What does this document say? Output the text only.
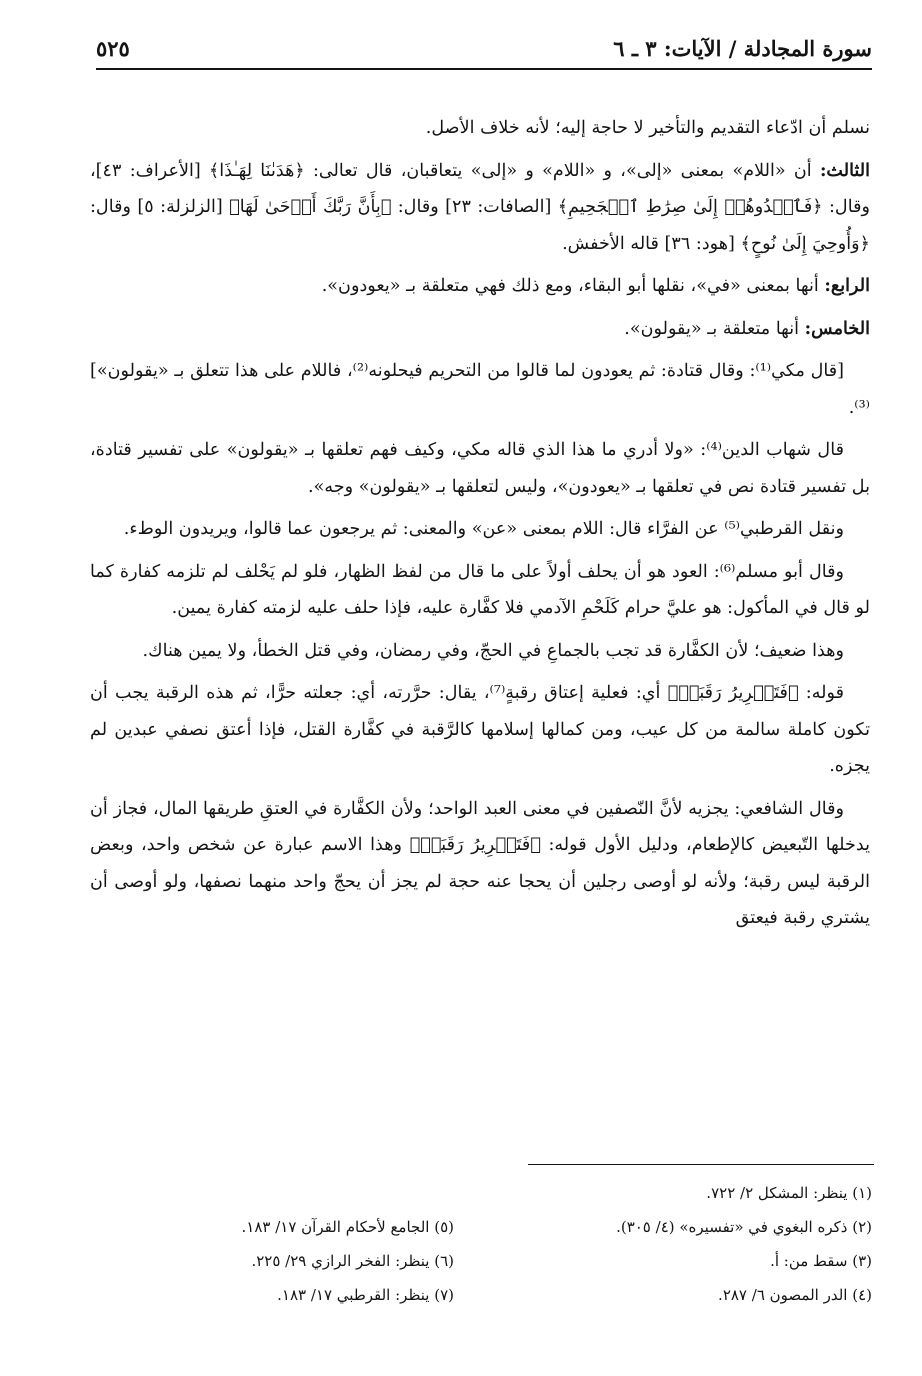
سورة المجادلة / الآيات: ٣ ـ ٦
٥٢٥

نسلم أن ادّعاء التقديم والتأخير لا حاجة إليه؛ لأنه خلاف الأصل.

الثالث: أن «اللام» بمعنى «إلى»، و «اللام» و «إلى» يتعاقبان، قال تعالى: ﴿هَدَىٰنَا لِهَـٰذَا﴾ [الأعراف: ٤٣]، وقال: ﴿فَٱهۡدُوهُمۡ إِلَىٰ صِرَٰطِ ٱلۡجَحِيمِ﴾ [الصافات: ٢٣] وقال: ﴿بِأَنَّ رَبَّكَ أَوۡحَىٰ لَهَا﴾ [الزلزلة: ٥] وقال: ﴿وَأُوحِيَ إِلَىٰ نُوحٍ﴾ [هود: ٣٦] قاله الأخفش.

الرابع: أنها بمعنى «في»، نقلها أبو البقاء، ومع ذلك فهي متعلقة بـ «يعودون».

الخامس: أنها متعلقة بـ «يقولون».

[قال مكي⁽¹⁾: وقال قتادة: ثم يعودون لما قالوا من التحريم فيحلونه⁽²⁾، فاللام على هذا تتعلق بـ «يقولون»]⁽³⁾.

قال شهاب الدين⁽⁴⁾: «ولا أدري ما هذا الذي قاله مكي، وكيف فهم تعلقها بـ «يقولون» على تفسير قتادة، بل تفسير قتادة نص في تعلقها بـ «يعودون»، وليس لتعلقها بـ «يقولون» وجه».

ونقل القرطبي⁽⁵⁾ عن الفرَّاء قال: اللام بمعنى «عن» والمعنى: ثم يرجعون عما قالوا، ويريدون الوطء.

وقال أبو مسلم⁽⁶⁾: العود هو أن يحلف أولاً على ما قال من لفظ الظهار، فلو لم يَحْلف لم تلزمه كفارة كما لو قال في المأكول: هو عليَّ حرام كَلَحْمِ الآدمي فلا كفَّارة عليه، فإذا حلف عليه لزمته كفارة يمين.

وهذا ضعيف؛ لأن الكفَّارة قد تجب بالجماعِ في الحجّ، وفي رمضان، وفي قتل الخطأ، ولا يمين هناك.

قوله: ﴿فَتَحۡرِيرُ رَقَبَةٖ﴾ أي: فعلية إعتاق رقبةٍ⁽⁷⁾، يقال: حرَّرته، أي: جعلته حرًّا، ثم هذه الرقبة يجب أن تكون كاملة سالمة من كل عيب، ومن كمالها إسلامها كالرَّقبة في كفَّارة القتل، فإذا أعتق نصفي عبدين لم يجزه.

وقال الشافعي: يجزيه لأنَّ النّصفين في معنى العبد الواحد؛ ولأن الكفَّارة في العتقِ طريقها المال، فجاز أن يدخلها التّبعيض كالإطعام، ودليل الأول قوله: ﴿فَتَحۡرِيرُ رَقَبَةٖ﴾ وهذا الاسم عبارة عن شخص واحد، وبعض الرقبة ليس رقبة؛ ولأنه لو أوصى رجلين أن يحجا عنه حجة لم يجز أن يحجّ واحد منهما نصفها، ولو أوصى أن يشتري رقبة فيعتق

(١) ينظر: المشكل ٢/ ٧٢٢.
(٢) ذكره البغوي في «تفسيره» (٤/ ٣٠٥).
(٣) سقط من: أ.
(٤) الدر المصون ٦/ ٢٨٧.
(٥) الجامع لأحكام القرآن ١٧/ ١٨٣.
(٦) ينظر: الفخر الرازي ٢٩/ ٢٢٥.
(٧) ينظر: القرطبي ١٧/ ١٨٣.
